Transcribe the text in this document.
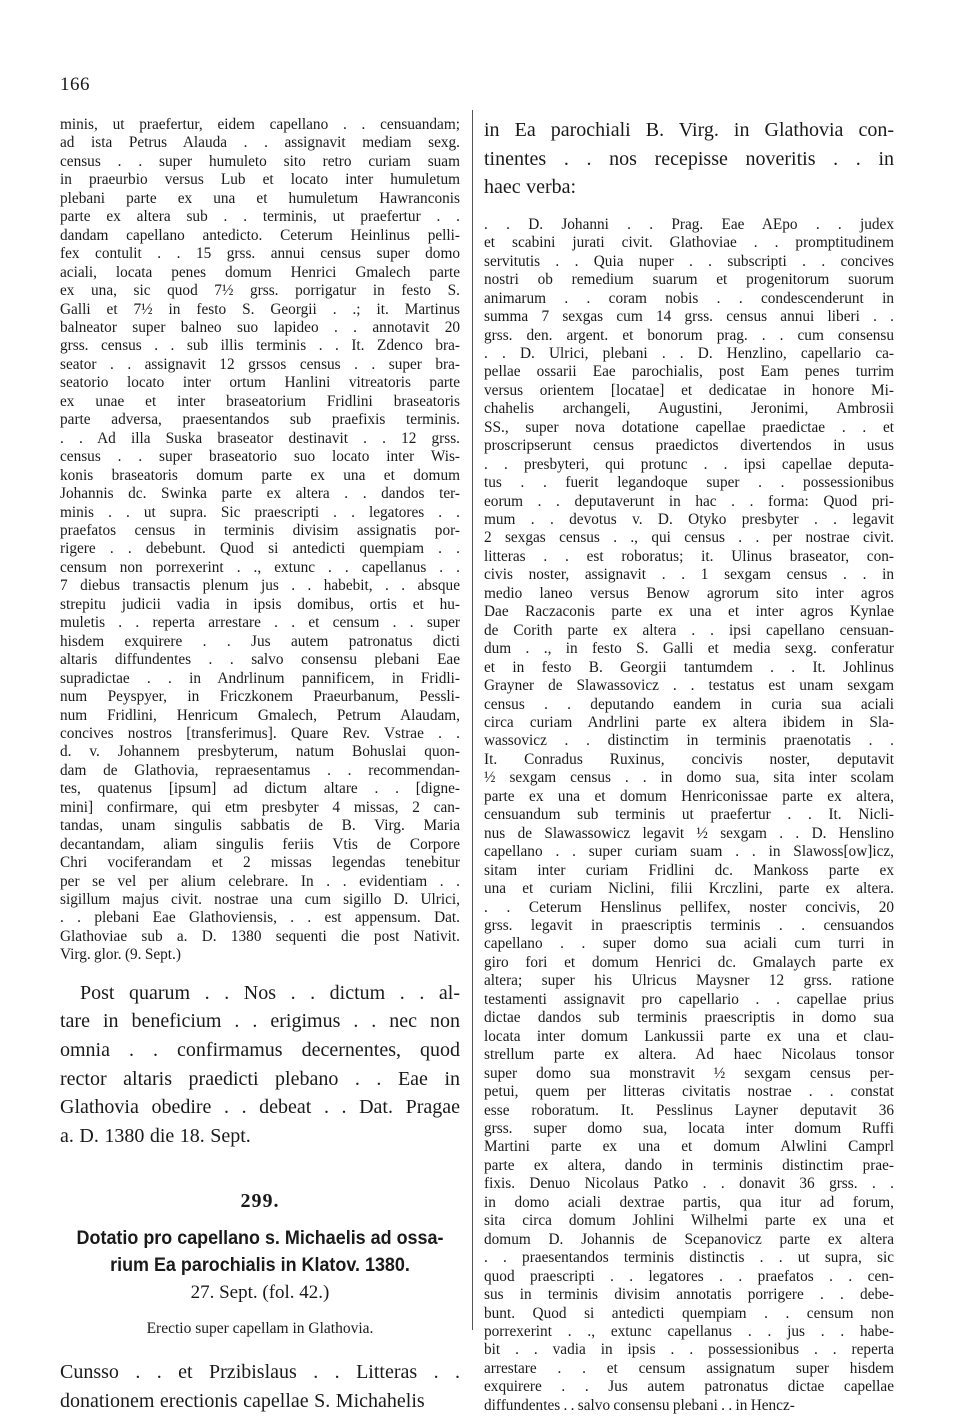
166
minis, ut praefertur, eidem capellano . . censuandam;
ad ista Petrus Alauda . . assignavit mediam sexg.
census . . super humuleto sito retro curiam suam
in praeurbio versus Lub et locato inter humuletum
plebani parte ex una et humuletum Hawranconis
parte ex altera sub . . terminis, ut praefertur . .
dandam capellano antedicto. Ceterum Heinlinus pelli-
fex contulit . . 15 grss. annui census super domo
aciali, locata penes domum Henrici Gmalech parte
ex una, sic quod 7½ grss. porrigatur in festo S.
Galli et 7½ in festo S. Georgii . .; it. Martinus
balneator super balneo suo lapideo . . annotavit 20
grss. census . . sub illis terminis . . It. Zdenco bra-
seator . . assignavit 12 grssos census . . super bra-
seatorio locato inter ortum Hanlini vitreatoris parte
ex unae et inter braseatorium Fridlini braseatoris
parte adversa, praesentandos sub praefixis terminis.
. . Ad illa Suska braseator destinavit . . 12 grss.
census . . super braseatorio suo locato inter Wis-
konis braseatoris domum parte ex una et domum
Johannis dc. Swinka parte ex altera . . dandos ter-
minis . . ut supra. Sic praescripti . . legatores . .
praefatos census in terminis divisim assignatis por-
rigere . . debebunt. Quod si antedicti quempiam . .
censum non porrexerint . ., extunc . . capellanus . .
7 diebus transactis plenum jus . . habebit, . . absque
strepitu judicii vadia in ipsis domibus, ortis et hu-
muletis . . reperta arrestare . . et censum . . super
hisdem exquirere . . Jus autem patronatus dicti
altaris diffundentes . . salvo consensu plebani Eae
supradictae . . in Andrlinum pannificem, in Fridli-
num Peyspyer, in Friczkonem Praeurbanum, Pessli-
num Fridlini, Henricum Gmalech, Petrum Alaudam,
concives nostros [transferimus]. Quare Rev. Vstrae . .
d. v. Johannem presbyterum, natum Bohuslai quon-
dam de Glathovia, repraesentamus . . recommendan-
tes, quatenus [ipsum] ad dictum altare . . [digne-
mini] confirmare, qui etm presbyter 4 missas, 2 can-
tandas, unam singulis sabbatis de B. Virg. Maria
decantandam, aliam singulis feriis Vtis de Corpore
Chri vociferandam et 2 missas legendas tenebitur
per se vel per alium celebrare. In . . evidentiam . .
sigillum majus civit. nostrae una cum sigillo D. Ulrici,
. . plebani Eae Glathoviensis, . . est appensum. Dat.
Glathoviae sub a. D. 1380 sequenti die post Nativit.
Virg. glor. (9. Sept.)
Post quarum . . Nos . . dictum . . al-
tare in beneficium . . erigimus . . nec non
omnia . . confirmamus decernentes, quod
rector altaris praedicti plebano . . Eae in
Glathovia obedire . . debeat . . Dat. Pragae
a. D. 1380 die 18. Sept.
299.
Dotatio pro capellano s. Michaelis ad ossa-
rium Ea parochialis in Klatov. 1380.
27. Sept. (fol. 42.)
Erectio super capellam in Glathovia.
Cunsso . . et Przibislaus . . Litteras . .
donationem erectionis capellae S. Michahelis
in Ea parochiali B. Virg. in Glathovia con-
tinentes . . nos recepisse noveritis . . in
haec verba:
. . D. Johanni . . Prag. Eae AEpo . . judex
et scabini jurati civit. Glathoviae . . promptitudinem
servitutis . . Quia nuper . . subscripti . . concives
nostri ob remedium suarum et progenitorum suorum
animarum . . coram nobis . . condescenderunt in
summa 7 sexgas cum 14 grss. census annui liberi . .
grss. den. argent. et bonorum prag. . . cum consensu
. . D. Ulrici, plebani . . D. Henzlino, capellario ca-
pellae ossarii Eae parochialis, post Eam penes turrim
versus orientem [locatae] et dedicatae in honore Mi-
chahelis archangeli, Augustini, Jeronimi, Ambrosii
SS., super nova dotatione capellae praedictae . . et
proscripserunt census praedictos divertendos in usus
. . presbyteri, qui protunc . . ipsi capellae deputa-
tus . . fuerit legandoque super . . possessionibus
eorum . . deputaverunt in hac . . forma: Quod pri-
mum . . devotus v. D. Otyko presbyter . . legavit
2 sexgas census . ., qui census . . per nostrae civit.
litteras . . est roboratus; it. Ulinus braseator, con-
civis noster, assignavit . . 1 sexgam census . . in
medio laneo versus Benow agrorum sito inter agros
Dae Raczaconis parte ex una et inter agros Kynlae
de Corith parte ex altera . . ipsi capellano censuan-
dum . ., in festo S. Galli et media sexg. conferatur
et in festo B. Georgii tantumdem . . It. Johlinus
Grayner de Slawassovicz . . testatus est unam sexgam
census . . deputando eandem in curia sua aciali
circa curiam Andrlini parte ex altera ibidem in Sla-
wassovicz . . distinctim in terminis praenotatis . .
It. Conradus Ruxinus, concivis noster, deputavit
½ sexgam census . . in domo sua, sita inter scolam
parte ex una et domum Henriconissae parte ex altera,
censuandum sub terminis ut praefertur . . It. Nicli-
nus de Slawassowicz legavit ½ sexgam . . D. Henslino
capellano . . super curiam suam . . in Slawoss[ow]icz,
sitam inter curiam Fridlini dc. Mankoss parte ex
una et curiam Niclini, filii Krczlini, parte ex altera.
. . Ceterum Henslinus pellifex, noster concivis, 20
grss. legavit in praescriptis terminis . . censuandos
capellano . . super domo sua aciali cum turri in
giro fori et domum Henrici dc. Gmalaych parte ex
altera; super his Ulricus Maysner 12 grss. ratione
testamenti assignavit pro capellario . . capellae prius
dictae dandos sub terminis praescriptis in domo sua
locata inter domum Lankussii parte ex una et clau-
strellum parte ex altera. Ad haec Nicolaus tonsor
super domo sua monstravit ½ sexgam census per-
petui, quem per litteras civitatis nostrae . . constat
esse roboratum. It. Pesslinus Layner deputavit 36
grss. super domo sua, locata inter domum Ruffi
Martini parte ex una et domum Alwlini Camprl
parte ex altera, dando in terminis distinctim prae-
fixis. Denuo Nicolaus Patko . . donavit 36 grss. . .
in domo aciali dextrae partis, qua itur ad forum,
sita circa domum Johlini Wilhelmi parte ex una et
domum D. Johannis de Scepanovicz parte ex altera
. . praesentandos terminis distinctis . . ut supra, sic
quod praescripti . . legatores . . praefatos . . cen-
sus in terminis divisim annotatis porrigere . . debe-
bunt. Quod si antedicti quempiam . . censum non
porrexerint . ., extunc capellanus . . jus . . habe-
bit . . vadia in ipsis . . possessionibus . . reperta
arrestare . . et censum assignatum super hisdem
exquirere . . Jus autem patronatus dictae capellae
diffundentes . . salvo consensu plebani . . in Hencz-
